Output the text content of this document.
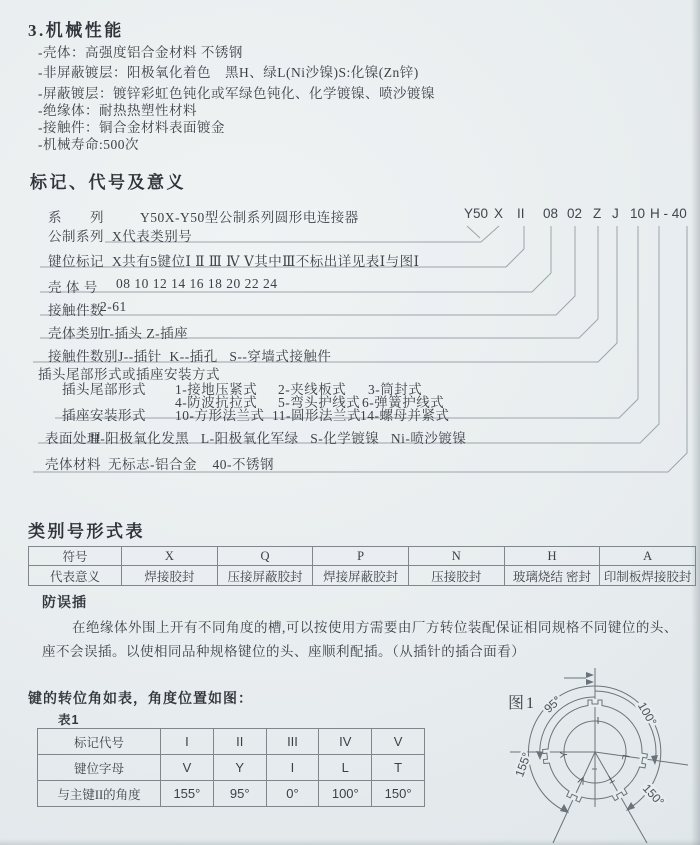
3.机械性能
-壳体：高强度铝合金材料 不锈钢
-非屏蔽镀层：阳极氧化着色　黑H、绿L(Ni沙镍)S:化镍(Zn锌)
-屏蔽镀层：镀锌彩虹色钝化或军绿色钝化、化学镀镍、喷沙镀镍
-绝缘体：耐热热塑性材料
-接触件：铜合金材料表面镀金
-机械寿命:500次
标记、代号及意义
Y50 X II 08 02 Z J 10 H - 40
系　　列	Y50X-Y50型公制系列圆形电连接器
公制系列 X代表类别号
键位标记 X共有5键位Ⅰ Ⅱ Ⅲ Ⅳ Ⅴ其中Ⅲ不标出详见表Ⅰ与图Ⅰ
壳 体 号 08 10 12 14 16 18 20 22 24
接触件数
2-61
壳体类别
T-插头 Z-插座
接触件数别 J--插针  K--插孔   S--穿墙式接触件
插头尾部形式或插座安装方式
插头尾部形式 1-接地压紧式 2-夹线板式 3-筒封式
4-防波抗拉式 5-弯头护线式 6-弹簧护线式
插座安装形式 10-方形法兰式 11-圆形法兰式 14-螺母并紧式
表面处理
H-阳极氧化发黑   L-阳极氧化军绿   S-化学镀镍   Ni-喷沙镀镍
壳体材料 无标志-铝合金    40-不锈钢
类别号形式表
符号	X	Q	P	N	H	A
代表意义	焊接胶封	压接屏蔽胶封	焊接屏蔽胶封	压接胶封	玻璃烧结 密封	印制板焊接胶封
防误插
在绝缘体外围上开有不同角度的槽,可以按使用方需要由厂方转位装配保证相同规格不同键位的头、
座不会误插。以使相同品种规格键位的头、座顺利配插。（从插针的插合面看）
键的转位角如表，角度位置如图：
表1
标记代号	I	II	III	IV	V
键位字母	V	Y	I	L	T
与主键II的角度	155°	95°	0°	100°	150°
图1
I
Y
V
L
T
95°	100°
155°
150°
